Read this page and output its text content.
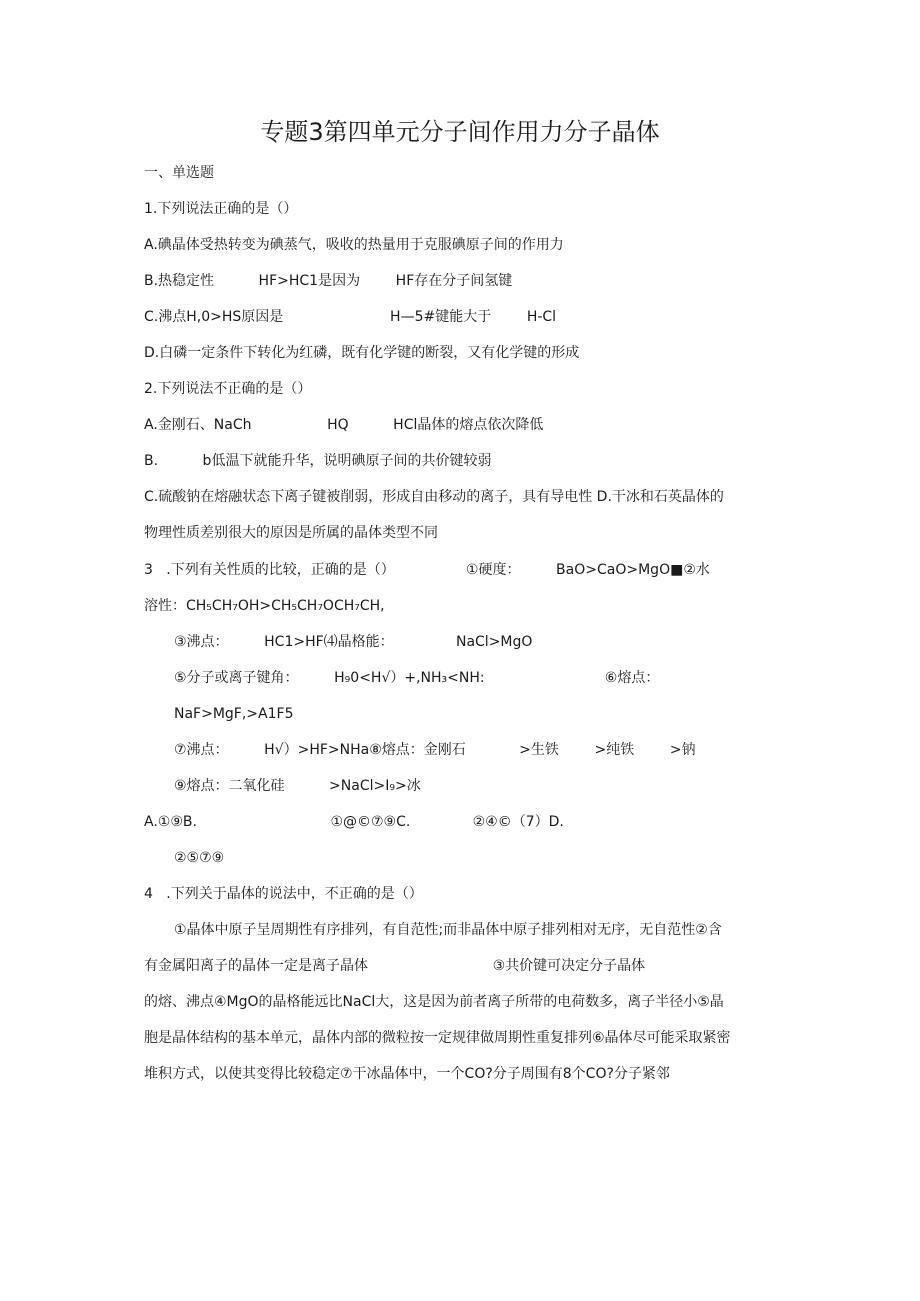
专题3第四单元分子间作用力分子晶体
一、单选题
1.下列说法正确的是（）
A.碘晶体受热转变为碘蒸气，吸收的热量用于克服碘原子间的作用力
B.热稳定性          HF>HC1是因为        HF存在分子间氢键
C.沸点H,0>HS原因是                        H—5#键能大于        H-Cl
D.白磷一定条件下转化为红磷，既有化学键的断裂，又有化学键的形成
2.下列说法不正确的是（）
A.金刚石、NaCh                 HQ          HCl晶体的熔点依次降低
B.          b低温下就能升华，说明碘原子间的共价键较弱
C.硫酸钠在熔融状态下离子键被削弱，形成自由移动的离子，具有导电性 D.干冰和石英晶体的
物理性质差别很大的原因是所属的晶体类型不同
3   .下列有关性质的比较，正确的是（）                ①硬度：        BaO>CaO>MgO■②水
溶性：CH₅CH₇OH>CH₅CH₇OCH₇CH,
③沸点：        HC1>HF⑷晶格能：              NaCl>MgO
⑤分子或离子键角：        H₉0<H√）+,NH₃<NH:                           ⑥熔点：
NaF>MgF,>A1F5
⑦沸点：        H√）>HF>NHa⑧熔点：金刚石            >生铁        >纯铁        >钠
⑨熔点：二氧化硅          >NaCl>I₉>冰
A.①⑨B.                              ①@©⑦⑨C.              ②④©（7）D.
②⑤⑦⑨
4   .下列关于晶体的说法中，不正确的是（）
①晶体中原子呈周期性有序排列，有自范性;而非晶体中原子排列相对无序，无自范性②含
有金属阳离子的晶体一定是离子晶体                            ③共价键可决定分子晶体
的熔、沸点④MgO的晶格能远比NaCl大，这是因为前者离子所带的电荷数多，离子半径小⑤晶
胞是晶体结构的基本单元，晶体内部的微粒按一定规律做周期性重复排列⑥晶体尽可能采取紧密
堆积方式，以使其变得比较稳定⑦干冰晶体中，一个CO?分子周围有8个CO?分子紧邻
